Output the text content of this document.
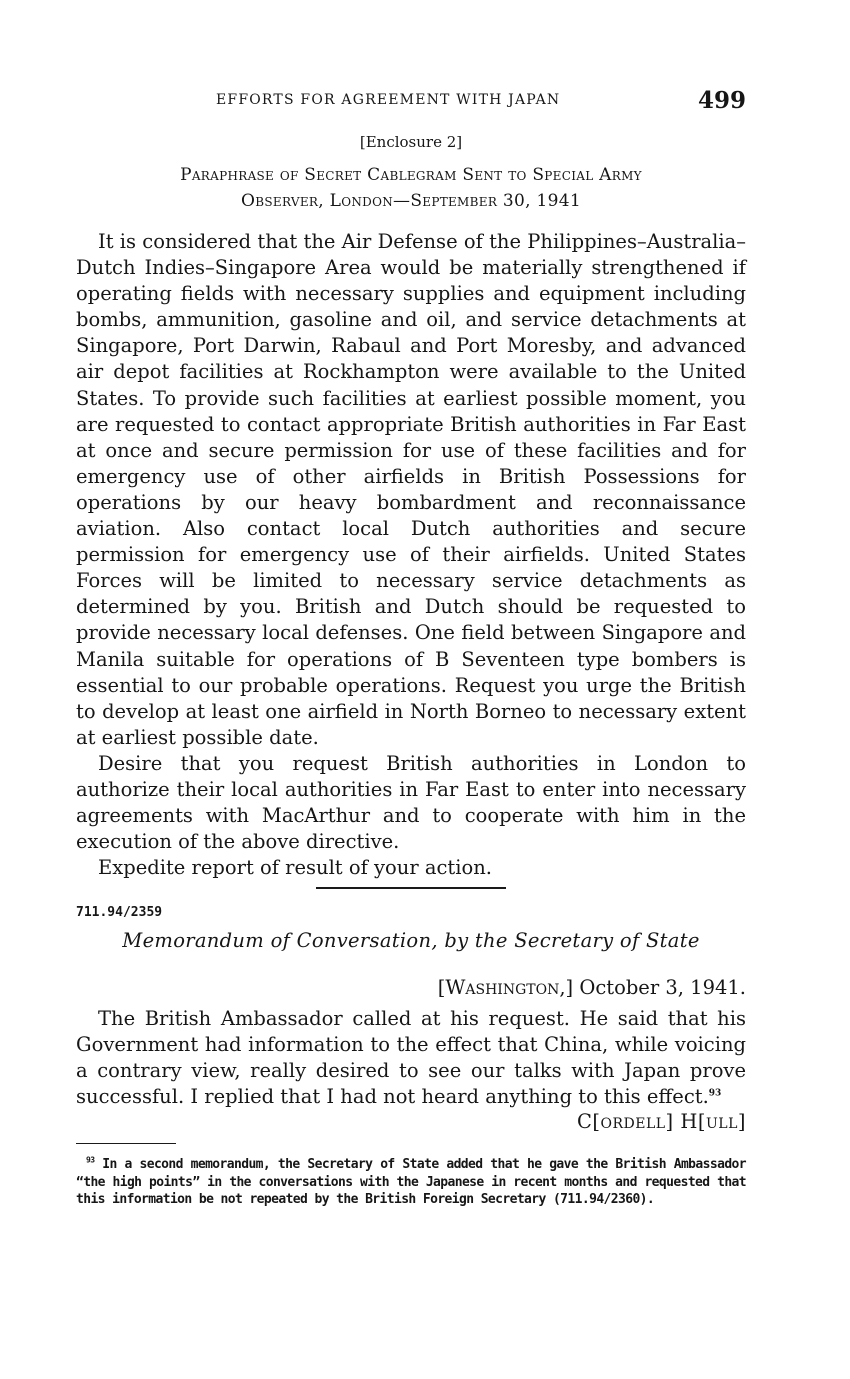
EFFORTS FOR AGREEMENT WITH JAPAN	499
[Enclosure 2]
Paraphrase of Secret Cablegram Sent to Special Army
Observer, London—September 30, 1941

It is considered that the Air Defense of the Philippines–Australia–Dutch Indies–Singapore Area would be materially strengthened if operating fields with necessary supplies and equipment including bombs, ammunition, gasoline and oil, and service detachments at Singapore, Port Darwin, Rabaul and Port Moresby, and advanced air depot facilities at Rockhampton were available to the United States. To provide such facilities at earliest possible moment, you are requested to contact appropriate British authorities in Far East at once and secure permission for use of these facilities and for emergency use of other airfields in British Possessions for operations by our heavy bombardment and reconnaissance aviation. Also contact local Dutch authorities and secure permission for emergency use of their airfields. United States Forces will be limited to necessary service detachments as determined by you. British and Dutch should be requested to provide necessary local defenses. One field between Singapore and Manila suitable for operations of B Seventeen type bombers is essential to our probable operations. Request you urge the British to develop at least one airfield in North Borneo to necessary extent at earliest possible date.

Desire that you request British authorities in London to authorize their local authorities in Far East to enter into necessary agreements with MacArthur and to cooperate with him in the execution of the above directive.

Expedite report of result of your action.

711.94/2359
Memorandum of Conversation, by the Secretary of State
[Washington,] October 3, 1941.

The British Ambassador called at his request. He said that his Government had information to the effect that China, while voicing a contrary view, really desired to see our talks with Japan prove successful. I replied that I had not heard anything to this effect.$^{93}$

C[ordell] H[ull]

$^{93}$ In a second memorandum, the Secretary of State added that he gave the British Ambassador “the high points” in the conversations with the Japanese in recent months and requested that this information be not repeated by the British Foreign Secretary (711.94/2360).
